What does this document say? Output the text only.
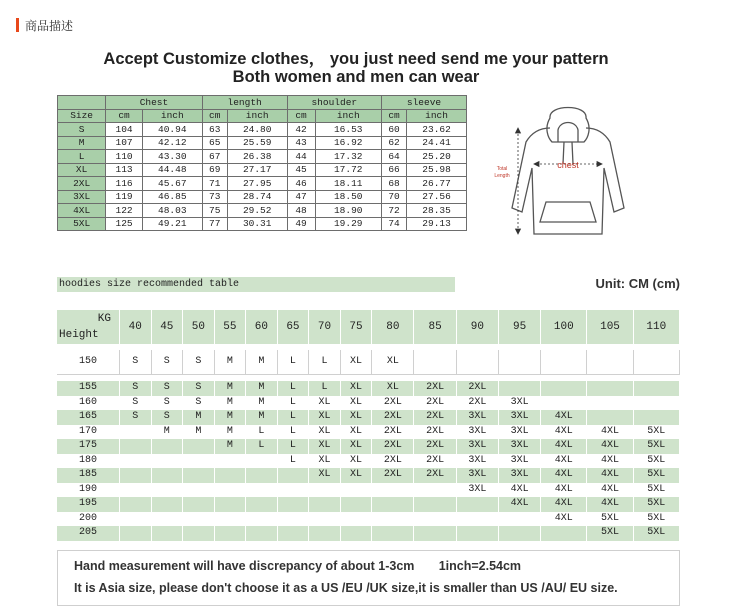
商品描述
Accept Customize clothes， you just need send me your pattern
Both women and men can wear
	Chest		length		shoulder		sleeve	
Size	cm	inch	cm	inch	cm	inch	cm	inch
S	104	40.94	63	24.80	42	16.53	60	23.62
M	107	42.12	65	25.59	43	16.92	62	24.41
L	110	43.30	67	26.38	44	17.32	64	25.20
XL	113	44.48	69	27.17	45	17.72	66	25.98
2XL	116	45.67	71	27.95	46	18.11	68	26.77
3XL	119	46.85	73	28.74	47	18.50	70	27.56
4XL	122	48.03	75	29.52	48	18.90	72	28.35
5XL	125	49.21	77	30.31	49	19.29	74	29.13
chest
Total
Length
hoodies size recommended table	Unit: CM (cm)
KG
Height	40	45	50	55	60	65	70	75	80	85	90	95	100	105	110

150	S	S	S	M	M	L	L	XL	XL						

155	S	S	S	M	M	L	L	XL	XL	2XL	2XL				
160	S	S	S	M	M	L	XL	XL	2XL	2XL	2XL	3XL			
165	S	S	M	M	M	L	XL	XL	2XL	2XL	3XL	3XL	4XL		
170		M	M	M	L	L	XL	XL	2XL	2XL	3XL	3XL	4XL	4XL	5XL
175				M	L	L	XL	XL	2XL	2XL	3XL	3XL	4XL	4XL	5XL
180						L	XL	XL	2XL	2XL	3XL	3XL	4XL	4XL	5XL
185							XL	XL	2XL	2XL	3XL	3XL	4XL	4XL	5XL
190											3XL	4XL	4XL	4XL	5XL
195												4XL	4XL	4XL	5XL
200													4XL	5XL	5XL
205														5XL	5XL
Hand measurement will have discrepancy of about 1-3cm       1inch=2.54cm
It is Asia size, please don't choose it as a US /EU /UK size,it is smaller than US /AU/ EU size.
